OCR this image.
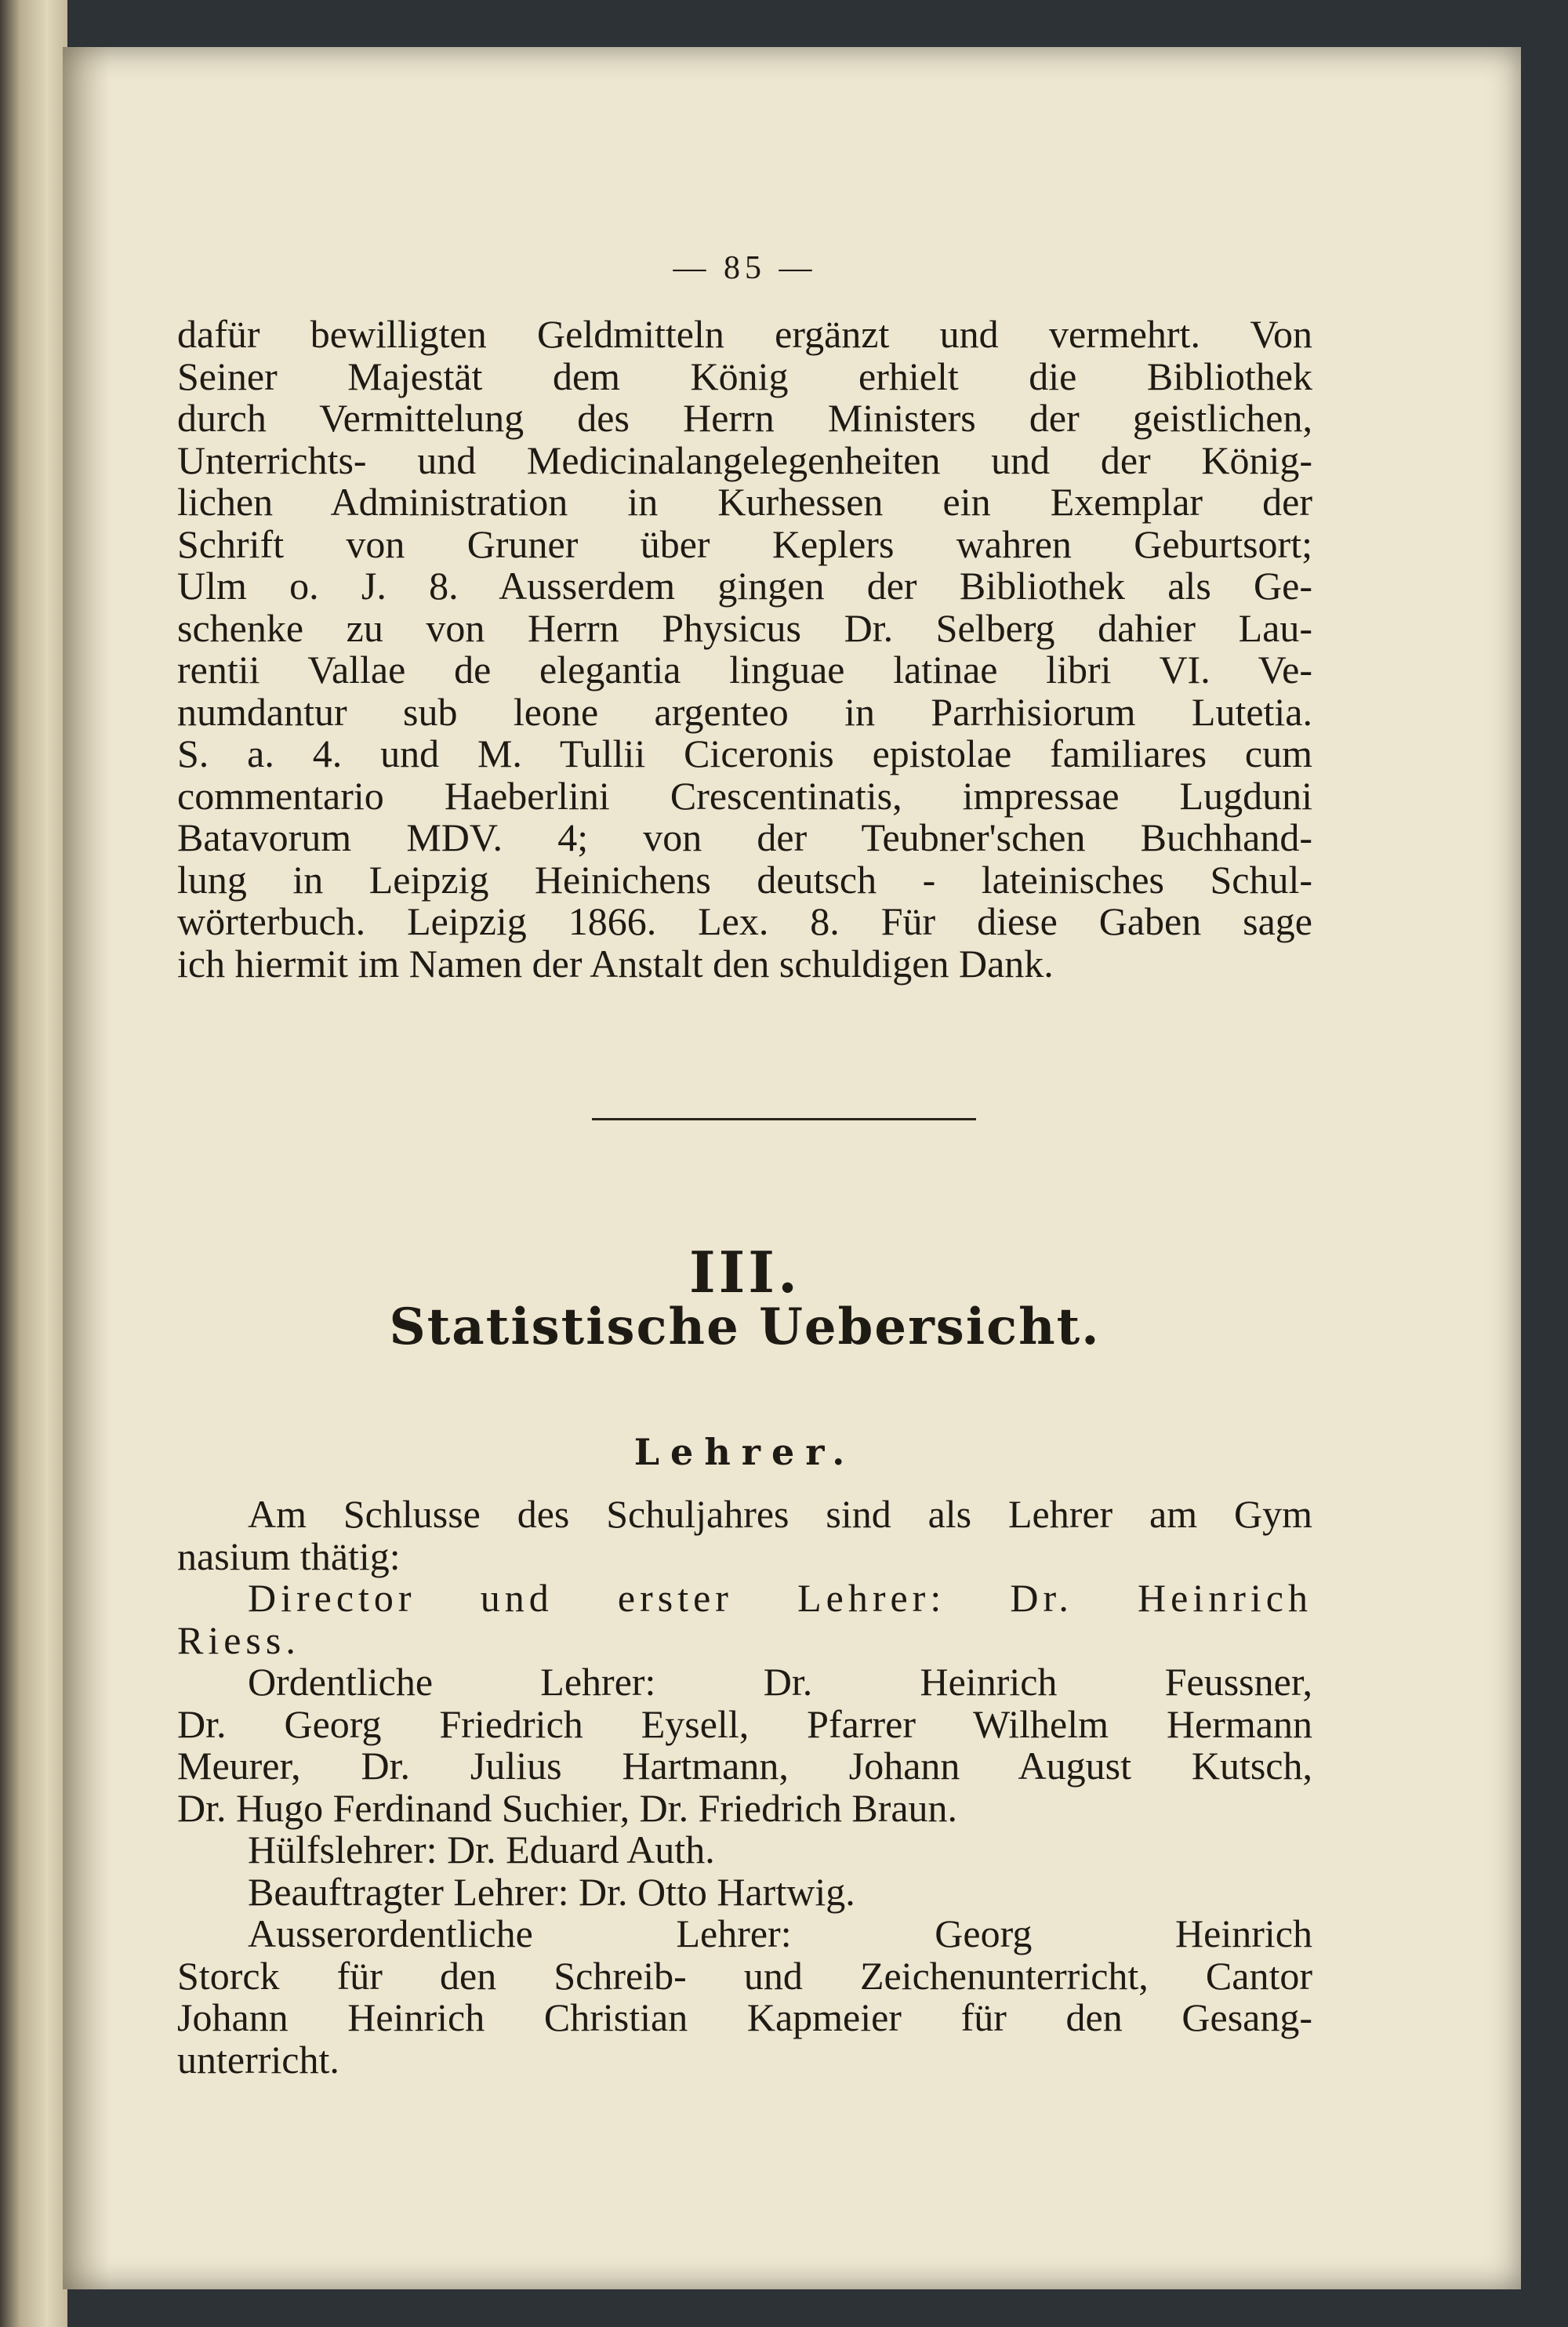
— 85 —

dafür bewilligten Geldmitteln ergänzt und vermehrt. Von
Seiner Majestät dem König erhielt die Bibliothek
durch Vermittelung des Herrn Ministers der geistlichen,
Unterrichts- und Medicinalangelegenheiten und der König-
lichen Administration in Kurhessen ein Exemplar der
Schrift von Gruner über Keplers wahren Geburtsort;
Ulm o. J. 8. Ausserdem gingen der Bibliothek als Ge-
schenke zu von Herrn Physicus Dr. Selberg dahier Lau-
rentii Vallae de elegantia linguae latinae libri VI. Ve-
numdantur sub leone argenteo in Parrhisiorum Lutetia.
S. a. 4. und M. Tullii Ciceronis epistolae familiares cum
commentario Haeberlini Crescentinatis, impressae Lugduni
Batavorum MDV. 4; von der Teubner'schen Buchhand-
lung in Leipzig Heinichens deutsch - lateinisches Schul-
wörterbuch. Leipzig 1866. Lex. 8. Für diese Gaben sage
ich hiermit im Namen der Anstalt den schuldigen Dank.

III.
Statistische Uebersicht.
Lehrer.

Am Schlusse des Schuljahres sind als Lehrer am Gym
nasium thätig:
Director und erster Lehrer: Dr. Heinrich
Riess.
Ordentliche Lehrer: Dr. Heinrich Feussner,
Dr. Georg Friedrich Eysell, Pfarrer Wilhelm Hermann
Meurer, Dr. Julius Hartmann, Johann August Kutsch,
Dr. Hugo Ferdinand Suchier, Dr. Friedrich Braun.
Hülfslehrer: Dr. Eduard Auth.
Beauftragter Lehrer: Dr. Otto Hartwig.
Ausserordentliche Lehrer: Georg Heinrich
Storck für den Schreib- und Zeichenunterricht, Cantor
Johann Heinrich Christian Kapmeier für den Gesang-
unterricht.
